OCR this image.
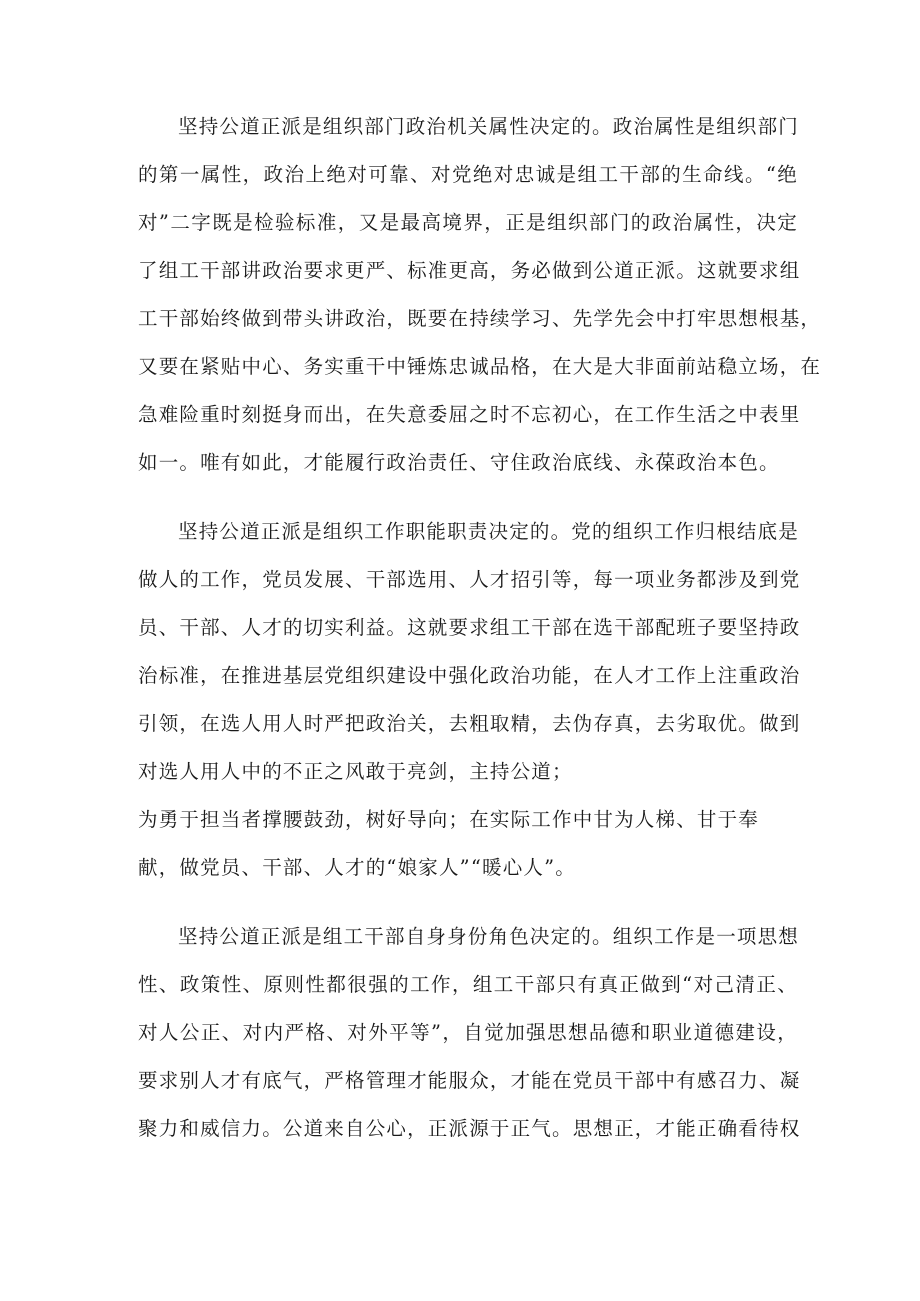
坚持公道正派是组织部门政治机关属性决定的。政治属性是组织部门
的第一属性，政治上绝对可靠、对党绝对忠诚是组工干部的生命线。“绝
对”二字既是检验标准，又是最高境界，正是组织部门的政治属性，决定
了组工干部讲政治要求更严、标准更高，务必做到公道正派。这就要求组
工干部始终做到带头讲政治，既要在持续学习、先学先会中打牢思想根基，
又要在紧贴中心、务实重干中锤炼忠诚品格，在大是大非面前站稳立场，在
急难险重时刻挺身而出，在失意委屈之时不忘初心，在工作生活之中表里
如一。唯有如此，才能履行政治责任、守住政治底线、永葆政治本色。
坚持公道正派是组织工作职能职责决定的。党的组织工作归根结底是
做人的工作，党员发展、干部选用、人才招引等，每一项业务都涉及到党
员、干部、人才的切实利益。这就要求组工干部在选干部配班子要坚持政
治标准，在推进基层党组织建设中强化政治功能，在人才工作上注重政治
引领，在选人用人时严把政治关，去粗取精，去伪存真，去劣取优。做到
对选人用人中的不正之风敢于亮剑，主持公道；
为勇于担当者撑腰鼓劲，树好导向；在实际工作中甘为人梯、甘于奉
献，做党员、干部、人才的“娘家人”“暖心人”。
坚持公道正派是组工干部自身身份角色决定的。组织工作是一项思想
性、政策性、原则性都很强的工作，组工干部只有真正做到“对己清正、
对人公正、对内严格、对外平等”，自觉加强思想品德和职业道德建设，
要求别人才有底气，严格管理才能服众，才能在党员干部中有感召力、凝
聚力和威信力。公道来自公心，正派源于正气。思想正，才能正确看待权
